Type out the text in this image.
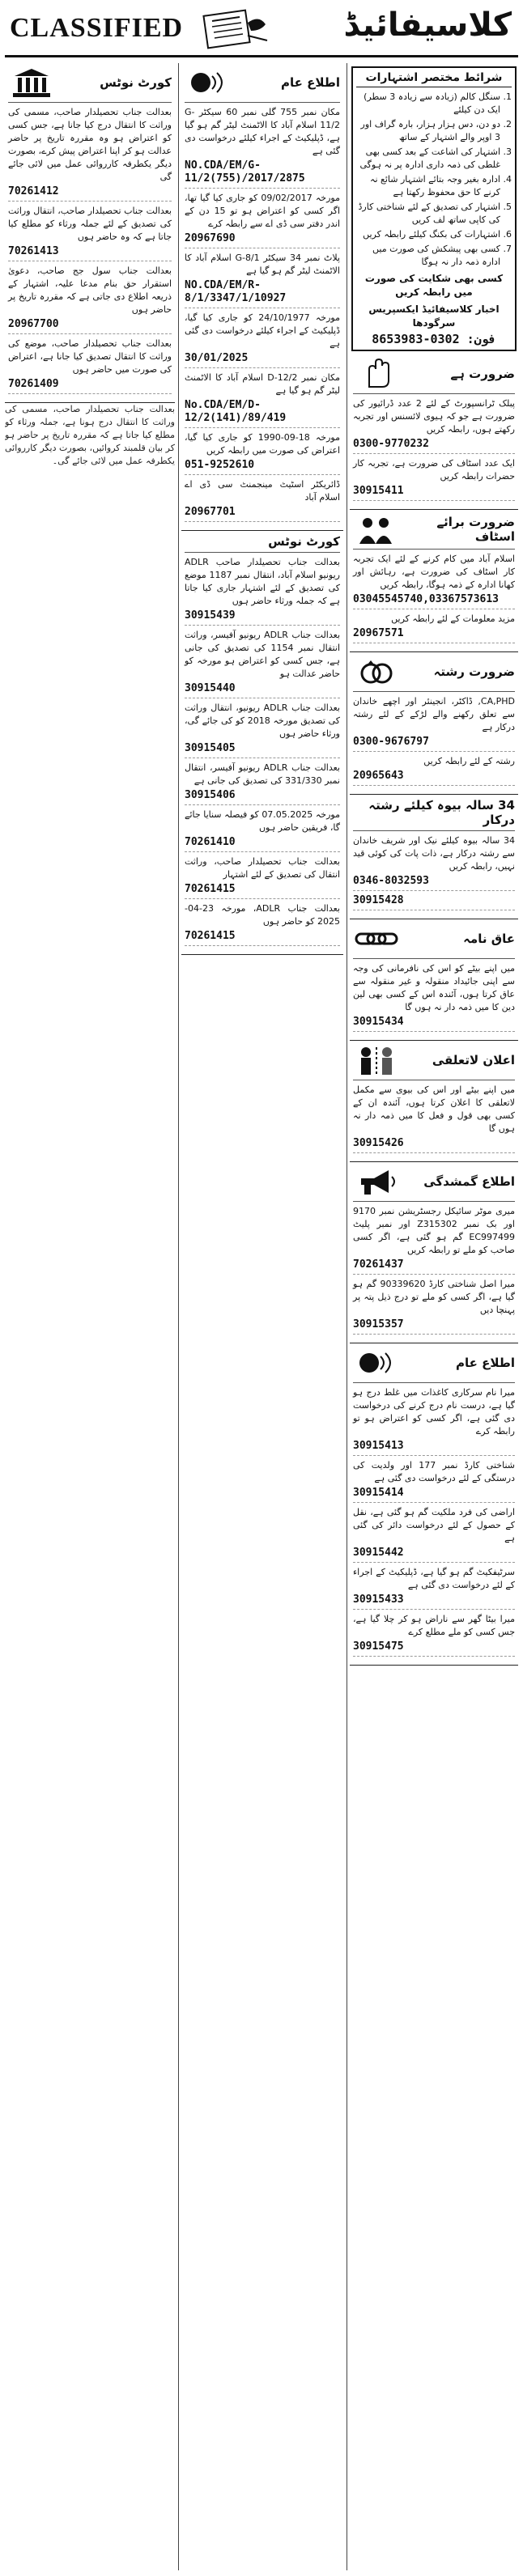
CLASSIFIED	کلاسیفائیڈ
شرائط مختصر اشتہارات
1. سنگل کالم (زیادہ سے زیادہ 3 سطر) ایک دن کیلئے
2. دو دن، دس ہزار ہزار، بارہ گراف اور 3 اوپر والے اشتہار کے ساتھ
3. اشتہار کی اشاعت کے بعد کسی بھی غلطی کی ذمہ داری ادارہ پر نہ ہوگی
4. ادارہ بغیر وجہ بتائے اشتہار شائع نہ کرنے کا حق محفوظ رکھتا ہے
5. اشتہار کی تصدیق کے لئے شناختی کارڈ کی کاپی ساتھ لف کریں
6. اشتہارات کی بکنگ کیلئے رابطہ کریں
7. کسی بھی پیشکش کی صورت میں ادارہ ذمہ دار نہ ہوگا
کسی بھی شکایت کی صورت میں رابطہ کریں
اخبار کلاسیفائیڈ ایکسپریس سرگودھا
فون: 0302-8653983
ضرورت ہے

پبلک ٹرانسپورٹ کے لئے 2 عدد ڈرائیور کی ضرورت ہے جو کہ ہیوی لائسنس اور تجربہ رکھتے ہوں، رابطہ کریں

0300-9770232

ایک عدد اسٹاف کی ضرورت ہے، تجربہ کار حضرات رابطہ کریں

30915411
ضرورت برائے اسٹاف

اسلام آباد میں کام کرنے کے لئے ایک تجربہ کار اسٹاف کی ضرورت ہے، رہائش اور کھانا ادارہ کے ذمہ ہوگا، رابطہ کریں

03045545740,03367573613

مزید معلومات کے لئے رابطہ کریں

20967571
ضرورت رشتہ

CA,PHD, ڈاکٹر، انجینئر اور اچھے خاندان سے تعلق رکھنے والے لڑکے کے لئے رشتہ درکار ہے

0300-9676797

رشتہ کے لئے رابطہ کریں

20965643
34 سالہ بیوہ کیلئے رشتہ درکار

34 سالہ بیوہ کیلئے نیک اور شریف خاندان سے رشتہ درکار ہے، ذات پات کی کوئی قید نہیں، رابطہ کریں

0346-8032593
30915428
عاق نامہ

میں اپنے بیٹے کو اس کی نافرمانی کی وجہ سے اپنی جائیداد منقولہ و غیر منقولہ سے عاق کرتا ہوں، آئندہ اس کے کسی بھی لین دین کا میں ذمہ دار نہ ہوں گا

30915434
اعلان لاتعلقی

میں اپنے بیٹے اور اس کی بیوی سے مکمل لاتعلقی کا اعلان کرتا ہوں، آئندہ ان کے کسی بھی قول و فعل کا میں ذمہ دار نہ ہوں گا

30915426
اطلاع گمشدگی

میری موٹر سائیکل رجسٹریشن نمبر 9170 اور بک نمبر Z315302 اور نمبر پلیٹ EC997499 گم ہو گئی ہے، اگر کسی صاحب کو ملے تو رابطہ کریں

70261437

میرا اصل شناختی کارڈ 90339620 گم ہو گیا ہے، اگر کسی کو ملے تو درج ذیل پتہ پر پہنچا دیں

30915357
اطلاع عام

میرا نام سرکاری کاغذات میں غلط درج ہو گیا ہے، درست نام درج کرنے کی درخواست دی گئی ہے، اگر کسی کو اعتراض ہو تو رابطہ کرے

30915413

شناختی کارڈ نمبر 177 اور ولدیت کی درستگی کے لئے درخواست دی گئی ہے

30915414

اراضی کی فرد ملکیت گم ہو گئی ہے، نقل کے حصول کے لئے درخواست دائر کی گئی ہے

30915442

سرٹیفکیٹ گم ہو گیا ہے، ڈپلیکیٹ کے اجراء کے لئے درخواست دی گئی ہے

30915433

میرا بیٹا گھر سے ناراض ہو کر چلا گیا ہے، جس کسی کو ملے مطلع کرے

30915475
اطلاع عام

مکان نمبر 755 گلی نمبر 60 سیکٹر G-11/2 اسلام آباد کا الاٹمنٹ لیٹر گم ہو گیا ہے، ڈپلیکیٹ کے اجراء کیلئے درخواست دی گئی ہے

NO.CDA/EM/G-11/2(755)/2017/2875

مورخہ 09/02/2017 کو جاری کیا گیا تھا، اگر کسی کو اعتراض ہو تو 15 دن کے اندر دفتر سی ڈی اے سے رابطہ کرے

20967690

پلاٹ نمبر 34 سیکٹر G-8/1 اسلام آباد کا الاٹمنٹ لیٹر گم ہو گیا ہے

NO.CDA/EM/R-8/1/3347/1/10927

مورخہ 24/10/1977 کو جاری کیا گیا، ڈپلیکیٹ کے اجراء کیلئے درخواست دی گئی ہے

30/01/2025

مکان نمبر D-12/2 اسلام آباد کا الاٹمنٹ لیٹر گم ہو گیا ہے

No.CDA/EM/D-12/2(141)/89/419

مورخہ 18-09-1990 کو جاری کیا گیا، اعتراض کی صورت میں رابطہ کریں

051-9252610

ڈائریکٹر اسٹیٹ مینجمنٹ سی ڈی اے اسلام آباد

20967701
کورٹ نوٹس

بعدالت جناب تحصیلدار صاحب ADLR ریونیو اسلام آباد، انتقال نمبر 1187 موضع کی تصدیق کے لئے اشتہار جاری کیا جاتا ہے کہ جملہ ورثاء حاضر ہوں

30915439

بعدالت جناب ADLR ریونیو آفیسر، وراثت انتقال نمبر 1154 کی تصدیق کی جانی ہے، جس کسی کو اعتراض ہو مورخہ کو حاضر عدالت ہو

30915440

بعدالت جناب ADLR ریونیو، انتقال وراثت کی تصدیق مورخہ 2018 کو کی جائے گی، ورثاء حاضر ہوں

30915405

بعدالت جناب ADLR ریونیو آفیسر، انتقال نمبر 331/330 کی تصدیق کی جانی ہے

30915406

مورخہ 07.05.2025 کو فیصلہ سنایا جائے گا، فریقین حاضر ہوں

70261410

بعدالت جناب تحصیلدار صاحب، وراثت انتقال کی تصدیق کے لئے اشتہار

70261415

بعدالت جناب ADLR، مورخہ 23-04-2025 کو حاضر ہوں

70261415
کورٹ نوٹس

بعدالت جناب تحصیلدار صاحب، مسمی کی وراثت کا انتقال درج کیا جانا ہے، جس کسی کو اعتراض ہو وہ مقررہ تاریخ پر حاضر عدالت ہو کر اپنا اعتراض پیش کرے، بصورت دیگر یکطرفہ کارروائی عمل میں لائی جائے گی

70261412

بعدالت جناب تحصیلدار صاحب، انتقال وراثت کی تصدیق کے لئے جملہ ورثاء کو مطلع کیا جاتا ہے کہ وہ حاضر ہوں

70261413

بعدالت جناب سول جج صاحب، دعویٰ استقرار حق بنام مدعا علیہ، اشتہار کے ذریعہ اطلاع دی جاتی ہے کہ مقررہ تاریخ پر حاضر ہوں

20967700

بعدالت جناب تحصیلدار صاحب، موضع کی وراثت کا انتقال تصدیق کیا جانا ہے، اعتراض کی صورت میں حاضر ہوں

70261409
بعدالت جناب تحصیلدار صاحب، مسمی کی وراثت کا انتقال درج ہونا ہے، جملہ ورثاء کو مطلع کیا جاتا ہے کہ مقررہ تاریخ پر حاضر ہو کر بیان قلمبند کروائیں، بصورت دیگر کارروائی یکطرفہ عمل میں لائی جائے گی۔
